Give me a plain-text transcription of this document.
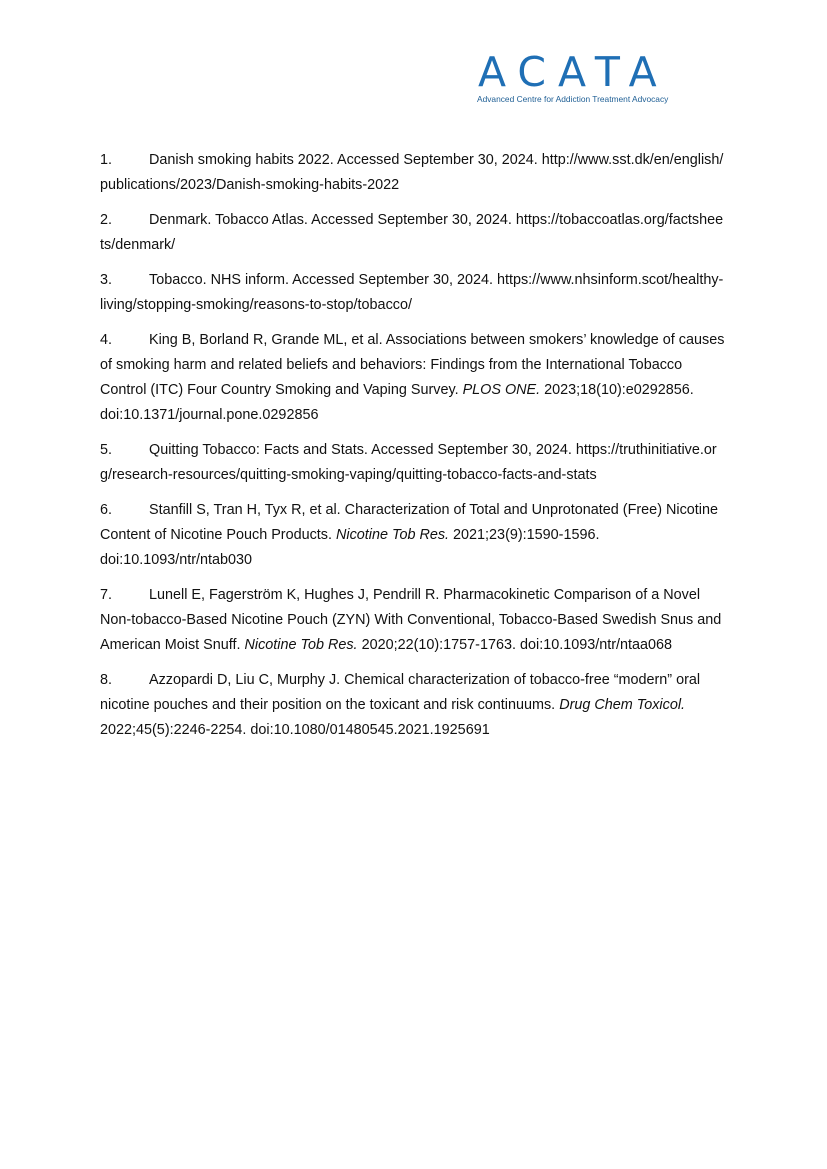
ACATA
Advanced Centre for Addiction Treatment Advocacy
1.	Danish smoking habits 2022. Accessed September 30, 2024. http://www.sst.dk/en/english/publications/2023/Danish-smoking-habits-2022
2.	Denmark. Tobacco Atlas. Accessed September 30, 2024. https://tobaccoatlas.org/factsheets/denmark/
3.	Tobacco. NHS inform. Accessed September 30, 2024. https://www.nhsinform.scot/healthy-living/stopping-smoking/reasons-to-stop/tobacco/
4.	King B, Borland R, Grande ML, et al. Associations between smokers’ knowledge of causes of smoking harm and related beliefs and behaviors: Findings from the International Tobacco Control (ITC) Four Country Smoking and Vaping Survey. PLOS ONE. 2023;18(10):e0292856. doi:10.1371/journal.pone.0292856
5.	Quitting Tobacco: Facts and Stats. Accessed September 30, 2024. https://truthinitiative.org/research-resources/quitting-smoking-vaping/quitting-tobacco-facts-and-stats
6.	Stanfill S, Tran H, Tyx R, et al. Characterization of Total and Unprotonated (Free) Nicotine Content of Nicotine Pouch Products. Nicotine Tob Res. 2021;23(9):1590-1596. doi:10.1093/ntr/ntab030
7.	Lunell E, Fagerström K, Hughes J, Pendrill R. Pharmacokinetic Comparison of a Novel Non-tobacco-Based Nicotine Pouch (ZYN) With Conventional, Tobacco-Based Swedish Snus and American Moist Snuff. Nicotine Tob Res. 2020;22(10):1757-1763. doi:10.1093/ntr/ntaa068
8.	Azzopardi D, Liu C, Murphy J. Chemical characterization of tobacco-free “modern” oral nicotine pouches and their position on the toxicant and risk continuums. Drug Chem Toxicol. 2022;45(5):2246-2254. doi:10.1080/01480545.2021.1925691
